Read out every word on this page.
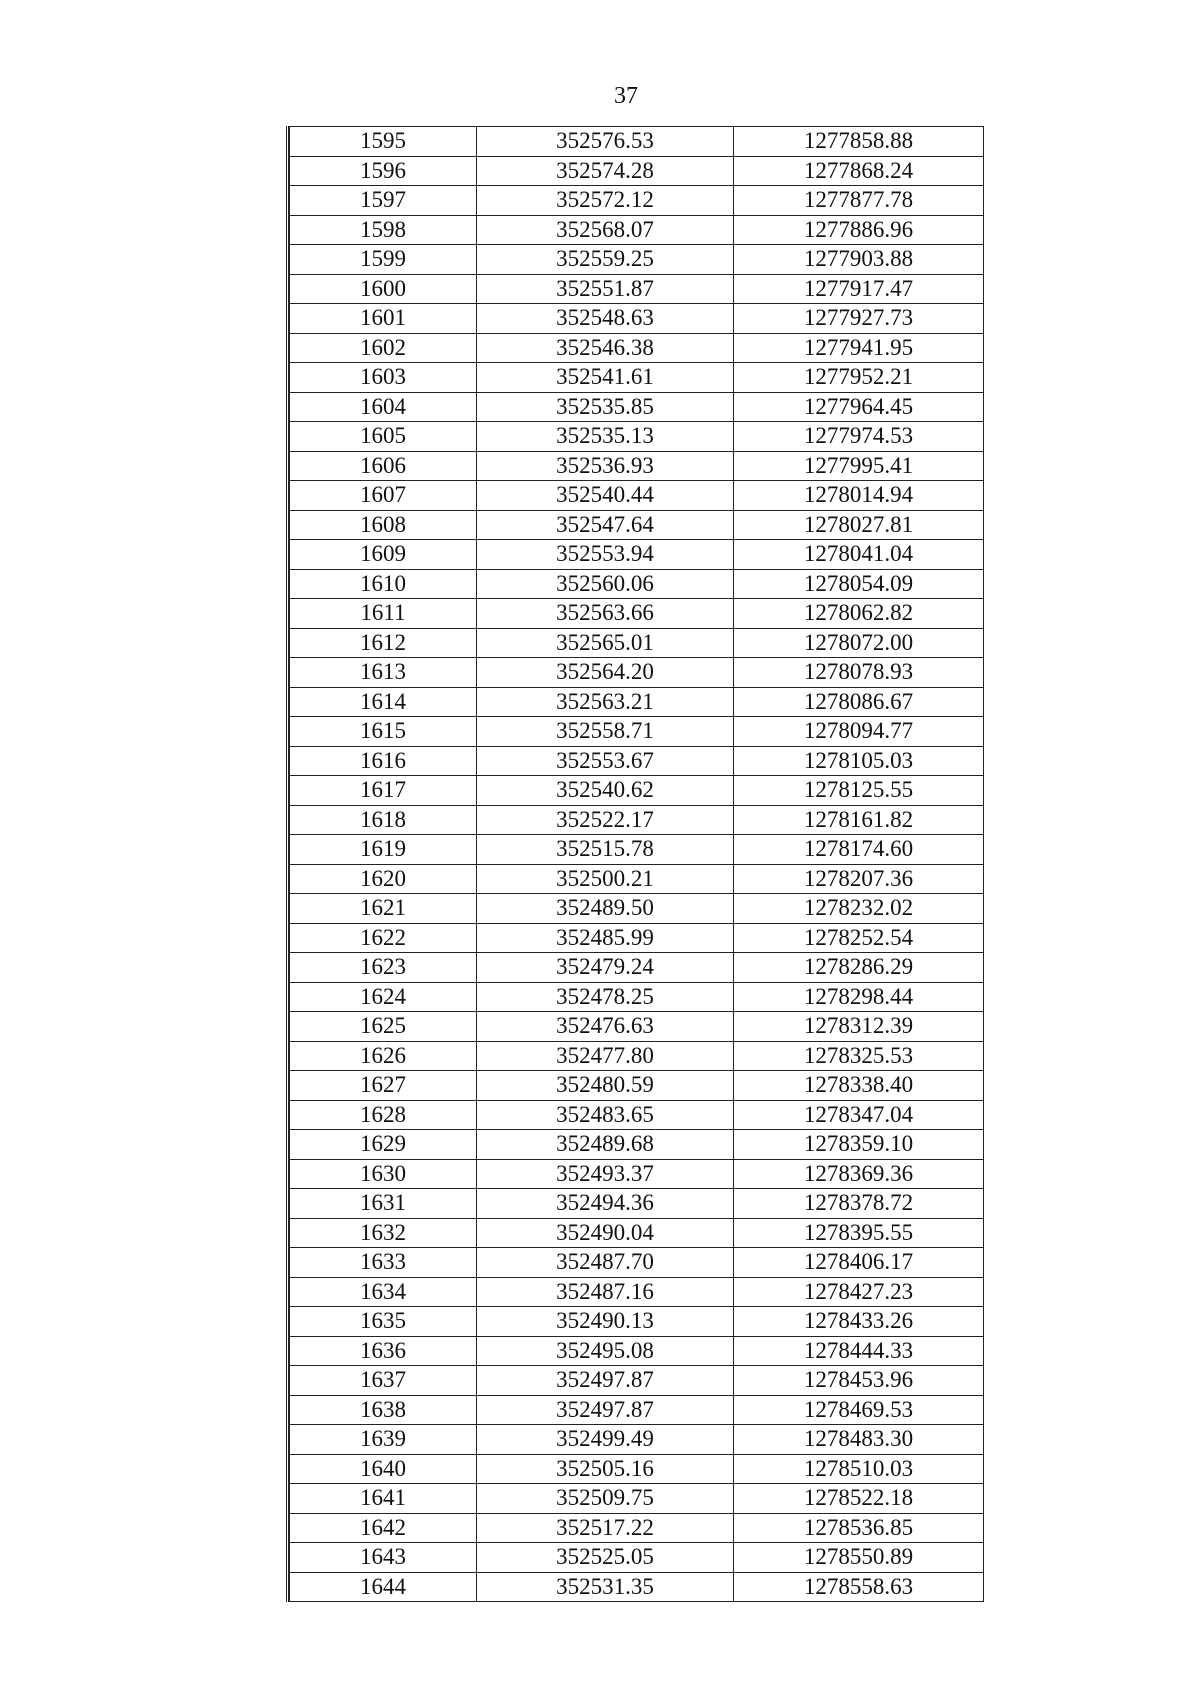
37
1595	352576.53	1277858.88
1596	352574.28	1277868.24
1597	352572.12	1277877.78
1598	352568.07	1277886.96
1599	352559.25	1277903.88
1600	352551.87	1277917.47
1601	352548.63	1277927.73
1602	352546.38	1277941.95
1603	352541.61	1277952.21
1604	352535.85	1277964.45
1605	352535.13	1277974.53
1606	352536.93	1277995.41
1607	352540.44	1278014.94
1608	352547.64	1278027.81
1609	352553.94	1278041.04
1610	352560.06	1278054.09
1611	352563.66	1278062.82
1612	352565.01	1278072.00
1613	352564.20	1278078.93
1614	352563.21	1278086.67
1615	352558.71	1278094.77
1616	352553.67	1278105.03
1617	352540.62	1278125.55
1618	352522.17	1278161.82
1619	352515.78	1278174.60
1620	352500.21	1278207.36
1621	352489.50	1278232.02
1622	352485.99	1278252.54
1623	352479.24	1278286.29
1624	352478.25	1278298.44
1625	352476.63	1278312.39
1626	352477.80	1278325.53
1627	352480.59	1278338.40
1628	352483.65	1278347.04
1629	352489.68	1278359.10
1630	352493.37	1278369.36
1631	352494.36	1278378.72
1632	352490.04	1278395.55
1633	352487.70	1278406.17
1634	352487.16	1278427.23
1635	352490.13	1278433.26
1636	352495.08	1278444.33
1637	352497.87	1278453.96
1638	352497.87	1278469.53
1639	352499.49	1278483.30
1640	352505.16	1278510.03
1641	352509.75	1278522.18
1642	352517.22	1278536.85
1643	352525.05	1278550.89
1644	352531.35	1278558.63
